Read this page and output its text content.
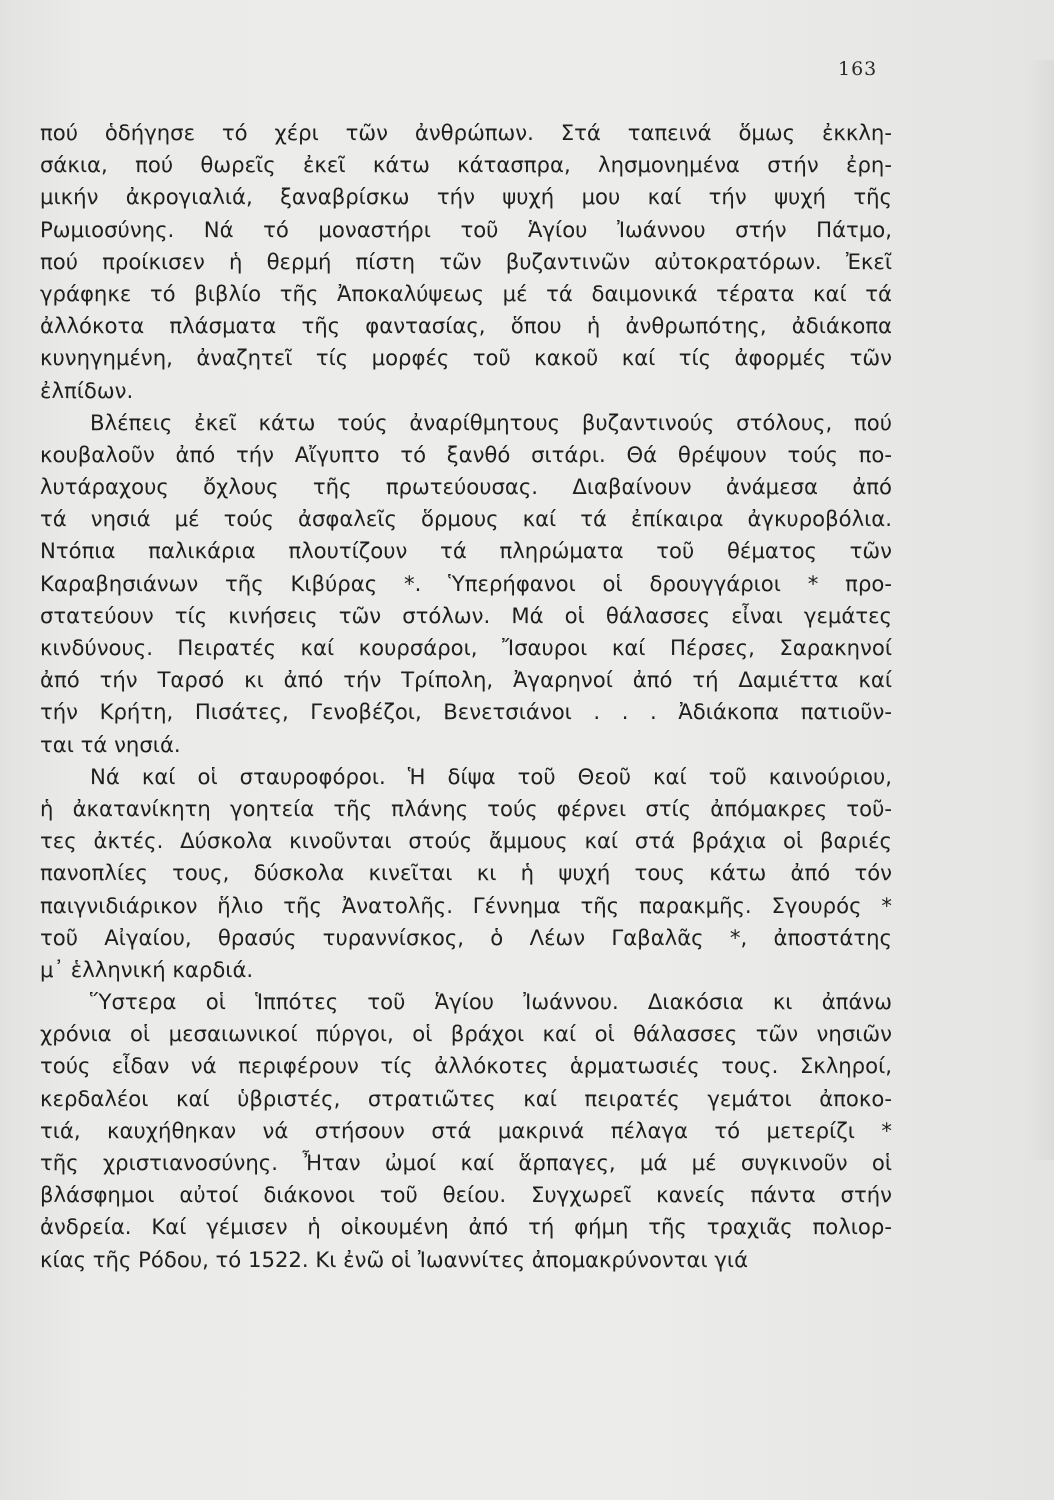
163
πού ὁδήγησε τό χέρι τῶν ἀνθρώπων. Στά ταπεινά ὅμως ἐκκλη-
σάκια, πού θωρεῖς ἐκεῖ κάτω κάτασπρα, λησμονημένα στήν ἐρη-
μικήν ἀκρογιαλιά, ξαναβρίσκω τήν ψυχή μου καί τήν ψυχή τῆς
Ρωμιοσύνης. Νά τό μοναστήρι τοῦ Ἁγίου Ἰωάννου στήν Πάτμο,
πού προίκισεν ἡ θερμή πίστη τῶν βυζαντινῶν αὐτοκρατόρων. Ἐκεῖ
γράφηκε τό βιβλίο τῆς Ἀποκαλύψεως μέ τά δαιμονικά τέρατα καί τά
ἀλλόκοτα πλάσματα τῆς φαντασίας, ὅπου ἡ ἀνθρωπότης, ἀδιάκοπα
κυνηγημένη, ἀναζητεῖ τίς μορφές τοῦ κακοῦ καί τίς ἀφορμές τῶν
ἐλπίδων.
Βλέπεις ἐκεῖ κάτω τούς ἀναρίθμητους βυζαντινούς στόλους, πού
κουβαλοῦν ἀπό τήν Αἴγυπτο τό ξανθό σιτάρι. Θά θρέψουν τούς πο-
λυτάραχους ὄχλους τῆς πρωτεύουσας. Διαβαίνουν ἀνάμεσα ἀπό
τά νησιά μέ τούς ἀσφαλεῖς ὅρμους καί τά ἐπίκαιρα ἀγκυροβόλια.
Ντόπια παλικάρια πλουτίζουν τά πληρώματα τοῦ θέματος τῶν
Καραβησιάνων τῆς Κιβύρας *. Ὑπερήφανοι οἱ δρουγγάριοι * προ-
στατεύουν τίς κινήσεις τῶν στόλων. Μά οἱ θάλασσες εἶναι γεμάτες
κινδύνους. Πειρατές καί κουρσάροι, Ἴσαυροι καί Πέρσες, Σαρακηνοί
ἀπό τήν Ταρσό κι ἀπό τήν Τρίπολη, Ἀγαρηνοί ἀπό τή Δαμιέττα καί
τήν Κρήτη, Πισάτες, Γενοβέζοι, Βενετσιάνοι . . . Ἀδιάκοπα πατιοῦν-
ται τά νησιά.
Νά καί οἱ σταυροφόροι. Ἡ δίψα τοῦ Θεοῦ καί τοῦ καινούριου,
ἡ ἀκατανίκητη γοητεία τῆς πλάνης τούς φέρνει στίς ἀπόμακρες τοῦ-
τες ἀκτές. Δύσκολα κινοῦνται στούς ἄμμους καί στά βράχια οἱ βαριές
πανοπλίες τους, δύσκολα κινεῖται κι ἡ ψυχή τους κάτω ἀπό τόν
παιγνιδιάρικον ἥλιο τῆς Ἀνατολῆς. Γέννημα τῆς παρακμῆς. Σγουρός *
τοῦ Αἰγαίου, θρασύς τυραννίσκος, ὁ Λέων Γαβαλᾶς *, ἀποστάτης
μ᾿ ἑλληνική καρδιά.
Ὕστερα οἱ Ἱππότες τοῦ Ἁγίου Ἰωάννου. Διακόσια κι ἀπάνω
χρόνια οἱ μεσαιωνικοί πύργοι, οἱ βράχοι καί οἱ θάλασσες τῶν νησιῶν
τούς εἶδαν νά περιφέρουν τίς ἀλλόκοτες ἁρματωσιές τους. Σκληροί,
κερδαλέοι καί ὑβριστές, στρατιῶτες καί πειρατές γεμάτοι ἀποκο-
τιά, καυχήθηκαν νά στήσουν στά μακρινά πέλαγα τό μετερίζι *
τῆς χριστιανοσύνης. Ἦταν ὠμοί καί ἅρπαγες, μά μέ συγκινοῦν οἱ
βλάσφημοι αὐτοί διάκονοι τοῦ θείου. Συγχωρεῖ κανείς πάντα στήν
ἀνδρεία. Καί γέμισεν ἡ οἰκουμένη ἀπό τή φήμη τῆς τραχιᾶς πολιορ-
κίας τῆς Ρόδου, τό 1522. Κι ἐνῶ οἱ Ἰωαννίτες ἀπομακρύνονται γιά
